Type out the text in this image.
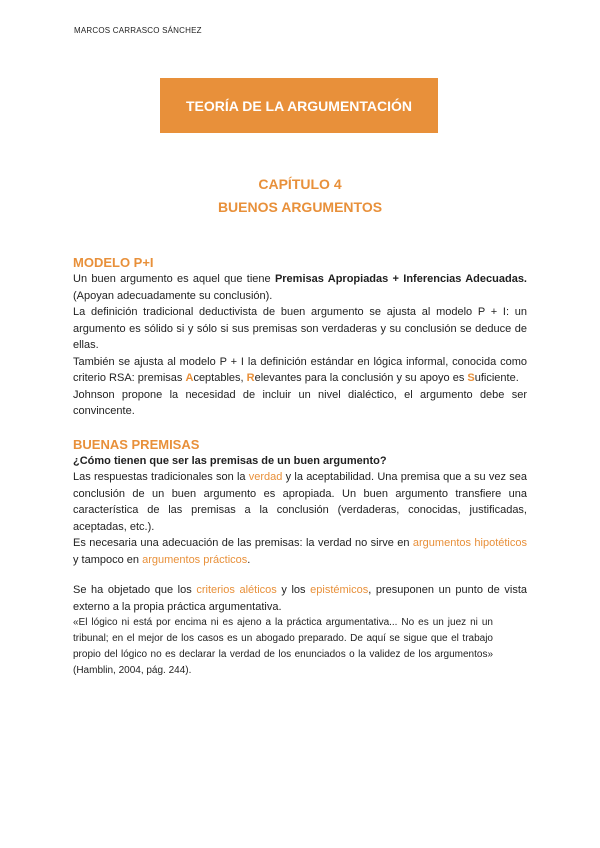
MARCOS CARRASCO SÁNCHEZ
TEORÍA DE LA ARGUMENTACIÓN
CAPÍTULO 4
BUENOS ARGUMENTOS
MODELO P+I

Un buen argumento es aquel que tiene Premisas Apropiadas + Inferencias Adecuadas. (Apoyan adecuadamente su conclusión).

La definición tradicional deductivista de buen argumento se ajusta al modelo P + I: un argumento es sólido si y sólo si sus premisas son verdaderas y su conclusión se deduce de ellas.

También se ajusta al modelo P + I la definición estándar en lógica informal, conocida como criterio RSA: premisas Aceptables, Relevantes para la conclusión y su apoyo es Suficiente.

Johnson propone la necesidad de incluir un nivel dialéctico, el argumento debe ser convincente.

BUENAS PREMISAS

¿Cómo tienen que ser las premisas de un buen argumento?

Las respuestas tradicionales son la verdad y la aceptabilidad. Una premisa que a su vez sea conclusión de un buen argumento es apropiada. Un buen argumento transfiere una característica de las premisas a la conclusión (verdaderas, conocidas, justificadas, aceptadas, etc.).

Es necesaria una adecuación de las premisas: la verdad no sirve en argumentos hipotéticos y tampoco en argumentos prácticos.

Se ha objetado que los criterios aléticos y los epistémicos, presuponen un punto de vista externo a la propia práctica argumentativa.

«El lógico ni está por encima ni es ajeno a la práctica argumentativa... No es un juez ni un tribunal; en el mejor de los casos es un abogado preparado. De aquí se sigue que el trabajo propio del lógico no es declarar la verdad de los enunciados o la validez de los argumentos» (Hamblin, 2004, pág. 244).
